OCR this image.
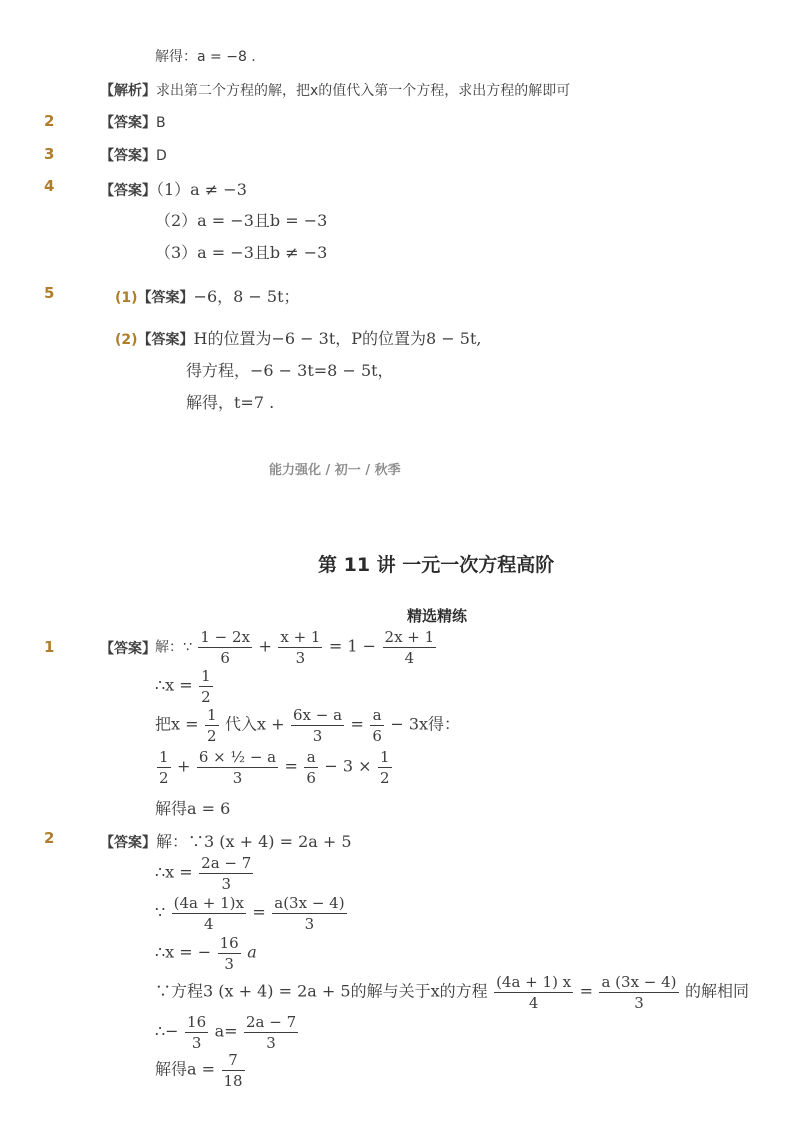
解得：a = −8 .
【解析】求出第二个方程的解，把x的值代入第一个方程，求出方程的解即可
2	【答案】B
3	【答案】D
4	【答案】（1）a ≠ −3
（2）a = −3且b = −3
（3）a = −3且b ≠ −3
5	(1)【答案】−6，8 − 5t；
(2)【答案】H的位置为−6 − 3t，P的位置为8 − 5t,
得方程，−6 − 3t=8 − 5t，
解得，t=7 .
能力强化 / 初一 / 秋季
第 11 讲 一元一次方程高阶
精选精练
1	【答案】 解：∵ $\frac{1 - 2x}{6} + \frac{x + 1}{3} = 1 - \frac{2x + 1}{4}$
∴x = $\frac{1}{2}$
把$x = \frac{1}{2}$ 代入$x + \frac{6x - a}{3} = \frac{a}{6} - 3x$得：
$\frac{1}{2} + \frac{\text{6 × ½ − a}}{3} = \frac{a}{6} - 3 \times \frac{1}{2}$
解得a = 6
2	【答案】解：∵3 (x + 4) = 2a + 5
∴x = $\frac{2a - 7}{3}$
∵ $\frac{(4a + 1)x}{4} = \frac{a(3x - 4)}{3}$
∴x = − $\frac{16}{3}$ a
∵方程3 (x + 4) = 2a + 5的解与关于x的方程 $\frac{(4a + 1) x}{4} = \frac{a (3x - 4)}{3}$ 的解相同
∴− $\frac{16}{3} a= \frac{2a - 7}{3}$
解得$a = \frac{7}{18}$
